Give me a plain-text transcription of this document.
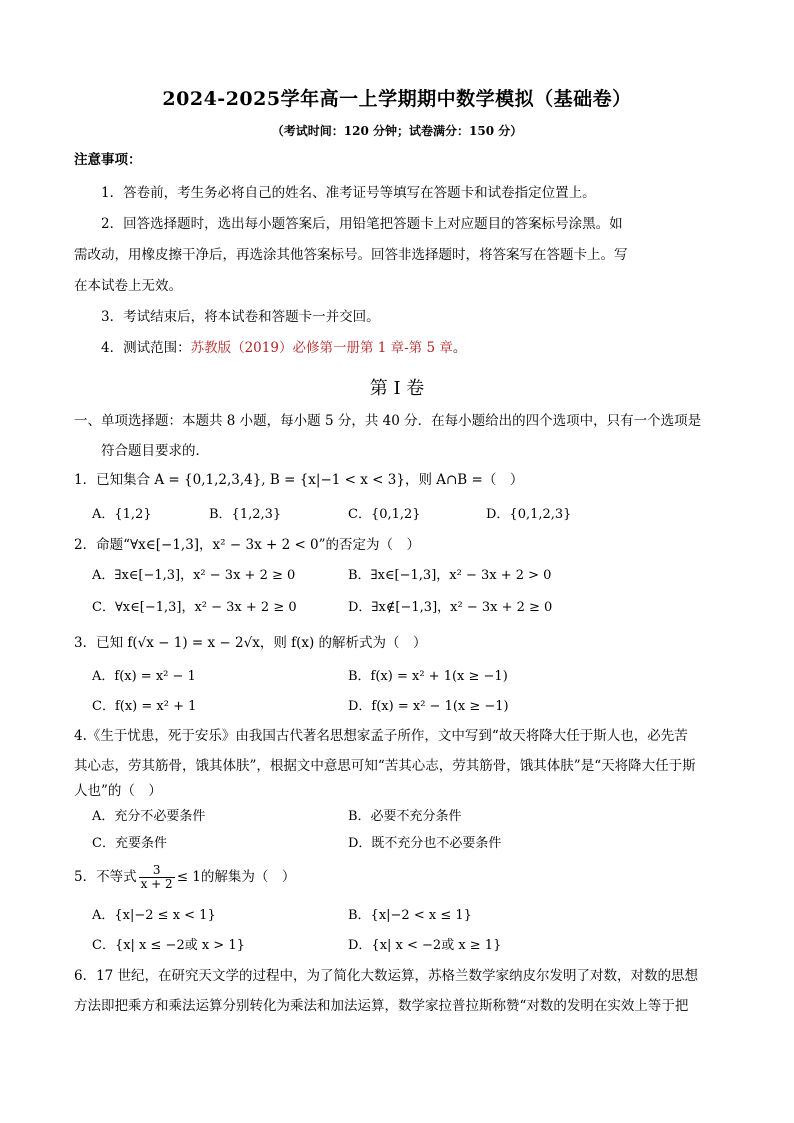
2024-2025学年高一上学期期中数学模拟（基础卷）
（考试时间：120 分钟；试卷满分：150 分）
注意事项：
1．答卷前，考生务必将自己的姓名、准考证号等填写在答题卡和试卷指定位置上。
2．回答选择题时，选出每小题答案后，用铅笔把答题卡上对应题目的答案标号涂黑。如
需改动，用橡皮擦干净后，再选涂其他答案标号。回答非选择题时，将答案写在答题卡上。写
在本试卷上无效。
3．考试结束后，将本试卷和答题卡一并交回。
4．测试范围：苏教版（2019）必修第一册第 1 章-第 5 章。
第 I 卷
一、单项选择题：本题共 8 小题，每小题 5 分，共 40 分．在每小题给出的四个选项中，只有一个选项是
符合题目要求的．
1．已知集合 A = {0,1,2,3,4}, B = {x|−1 < x < 3}，则 A∩B =（　）
A．{1,2}	B．{1,2,3}	C．{0,1,2}	D．{0,1,2,3}
2．命题“∀x∈[−1,3]，x² − 3x + 2 < 0”的否定为（　）
A．∃x∈[−1,3]，x² − 3x + 2 ≥ 0	B．∃x∈[−1,3]，x² − 3x + 2 > 0
C．∀x∈[−1,3]，x² − 3x + 2 ≥ 0	D．∃x∉[−1,3]，x² − 3x + 2 ≥ 0
3．已知 f(√x − 1) = x − 2√x，则 f(x) 的解析式为（　）
A．f(x) = x² − 1	B．f(x) = x² + 1(x ≥ −1)
C．f(x) = x² + 1	D．f(x) = x² − 1(x ≥ −1)
4.《生于忧患，死于安乐》由我国古代著名思想家孟子所作，文中写到“故天将降大任于斯人也，必先苦
其心志，劳其筋骨，饿其体肤”，根据文中意思可知“苦其心志，劳其筋骨，饿其体肤”是“天将降大任于斯
人也”的（　）
A．充分不必要条件	B．必要不充分条件
C．充要条件	D．既不充分也不必要条件
5．不等式 $\frac{3}{x + 2} \le 1$的解集为（　）
A．{x|−2 ≤ x < 1}	B．{x|−2 < x ≤ 1}
C．{x| x ≤ −2或 x > 1}	D．{x| x < −2或 x ≥ 1}
6．17 世纪，在研究天文学的过程中，为了简化大数运算，苏格兰数学家纳皮尔发明了对数，对数的思想
方法即把乘方和乘法运算分别转化为乘法和加法运算，数学家拉普拉斯称赞“对数的发明在实效上等于把
